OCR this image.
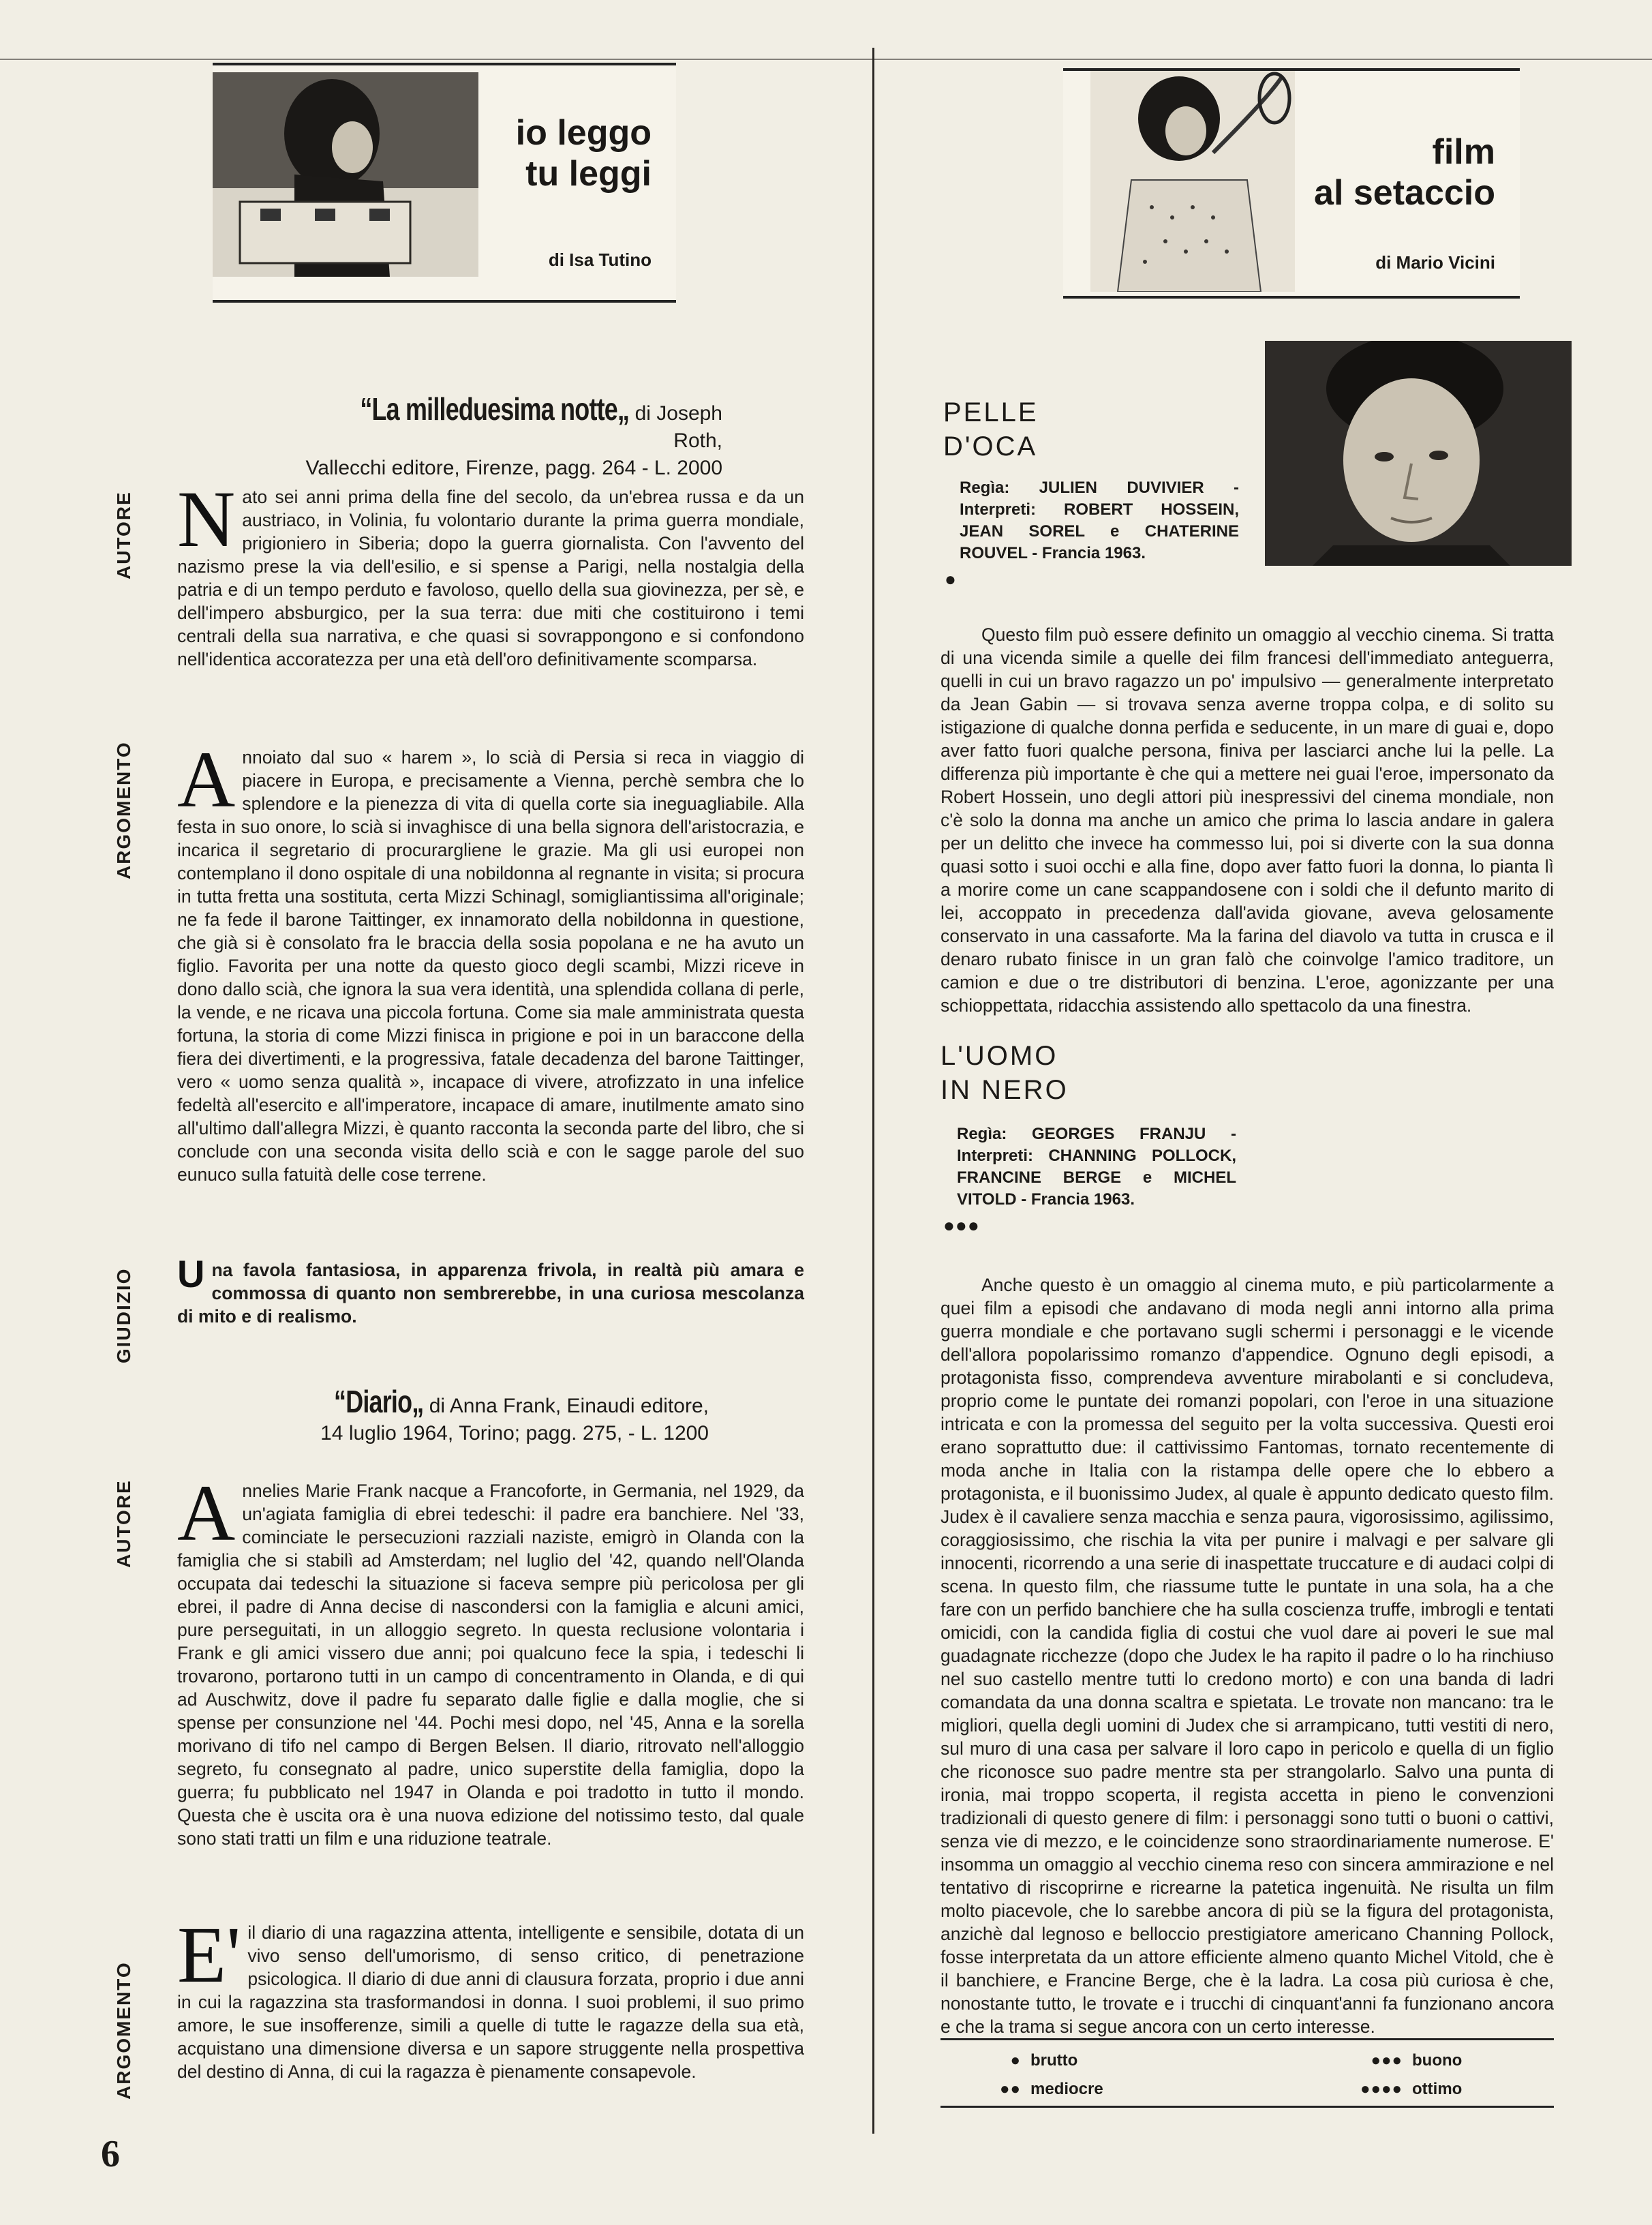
io leggo
tu leggi
di Isa Tutino
film
al setaccio
di Mario Vicini
“La milleduesima notte„ di Joseph Roth,
Vallecchi editore, Firenze, pagg. 264 - L. 2000
AUTORE
ARGOMENTO
GIUDIZIO
AUTORE
ARGOMENTO
Nato sei anni prima della fine del secolo, da un'ebrea russa e da un austriaco, in Volinia, fu volontario durante la prima guerra mondiale, prigioniero in Siberia; dopo la guerra giornalista. Con l'avvento del nazismo prese la via dell'esilio, e si spense a Parigi, nella nostalgia della patria e di un tempo perduto e favoloso, quello della sua giovinezza, per sè, e dell'impero absburgico, per la sua terra: due miti che costituirono i temi centrali della sua narrativa, e che quasi si sovrappongono e si confondono nell'identica accoratezza per una età dell'oro definitivamente scomparsa.
Annoiato dal suo « harem », lo scià di Persia si reca in viaggio di piacere in Europa, e precisamente a Vienna, perchè sembra che lo splendore e la pienezza di vita di quella corte sia ineguagliabile. Alla festa in suo onore, lo scià si invaghisce di una bella signora dell'aristocrazia, e incarica il segretario di procurargliene le grazie. Ma gli usi europei non contemplano il dono ospitale di una nobildonna al regnante in visita; si procura in tutta fretta una sostituta, certa Mizzi Schinagl, somigliantissima all'originale; ne fa fede il barone Taittinger, ex innamorato della nobildonna in questione, che già si è consolato fra le braccia della sosia popolana e ne ha avuto un figlio. Favorita per una notte da questo gioco degli scambi, Mizzi riceve in dono dallo scià, che ignora la sua vera identità, una splendida collana di perle, la vende, e ne ricava una piccola fortuna. Come sia male amministrata questa fortuna, la storia di come Mizzi finisca in prigione e poi in un baraccone della fiera dei divertimenti, e la progressiva, fatale decadenza del barone Taittinger, vero « uomo senza qualità », incapace di vivere, atrofizzato in una infelice fedeltà all'esercito e all'imperatore, incapace di amare, inutilmente amato sino all'ultimo dall'allegra Mizzi, è quanto racconta la seconda parte del libro, che si conclude con una seconda visita dello scià e con le sagge parole del suo eunuco sulla fatuità delle cose terrene.
Una favola fantasiosa, in apparenza frivola, in realtà più amara e commossa di quanto non sembrerebbe, in una curiosa mescolanza di mito e di realismo.
“Diario„ di Anna Frank, Einaudi editore,
14 luglio 1964, Torino; pagg. 275, - L. 1200
Annelies Marie Frank nacque a Francoforte, in Germania, nel 1929, da un'agiata famiglia di ebrei tedeschi: il padre era banchiere. Nel '33, cominciate le persecuzioni razziali naziste, emigrò in Olanda con la famiglia che si stabilì ad Amsterdam; nel luglio del '42, quando nell'Olanda occupata dai tedeschi la situazione si faceva sempre più pericolosa per gli ebrei, il padre di Anna decise di nascondersi con la famiglia e alcuni amici, pure perseguitati, in un alloggio segreto. In questa reclusione volontaria i Frank e gli amici vissero due anni; poi qualcuno fece la spia, i tedeschi li trovarono, portarono tutti in un campo di concentramento in Olanda, e di qui ad Auschwitz, dove il padre fu separato dalle figlie e dalla moglie, che si spense per consunzione nel '44. Pochi mesi dopo, nel '45, Anna e la sorella morivano di tifo nel campo di Bergen Belsen. Il diario, ritrovato nell'alloggio segreto, fu consegnato al padre, unico superstite della famiglia, dopo la guerra; fu pubblicato nel 1947 in Olanda e poi tradotto in tutto il mondo. Questa che è uscita ora è una nuova edizione del notissimo testo, dal quale sono stati tratti un film e una riduzione teatrale.
E' il diario di una ragazzina attenta, intelligente e sensibile, dotata di un vivo senso dell'umorismo, di senso critico, di penetrazione psicologica. Il diario di due anni di clausura forzata, proprio i due anni in cui la ragazzina sta trasformandosi in donna. I suoi problemi, il suo primo amore, le sue insofferenze, simili a quelle di tutte le ragazze della sua età, acquistano una dimensione diversa e un sapore struggente nella prospettiva del destino di Anna, di cui la ragazza è pienamente consapevole.
6
PELLE
D'OCA
Regìa: JULIEN DUVIVIER - Interpreti: ROBERT HOSSEIN, JEAN SOREL e CHATERINE ROUVEL - Francia 1963.
●
Questo film può essere definito un omaggio al vecchio cinema. Si tratta di una vicenda simile a quelle dei film francesi dell'immediato anteguerra, quelli in cui un bravo ragazzo un po' impulsivo — generalmente interpretato da Jean Gabin — si trovava senza averne troppa colpa, e di solito su istigazione di qualche donna perfida e seducente, in un mare di guai e, dopo aver fatto fuori qualche persona, finiva per lasciarci anche lui la pelle. La differenza più importante è che qui a mettere nei guai l'eroe, impersonato da Robert Hossein, uno degli attori più inespressivi del cinema mondiale, non c'è solo la donna ma anche un amico che prima lo lascia andare in galera per un delitto che invece ha commesso lui, poi si diverte con la sua donna quasi sotto i suoi occhi e alla fine, dopo aver fatto fuori la donna, lo pianta lì a morire come un cane scappandosene con i soldi che il defunto marito di lei, accoppato in precedenza dall'avida giovane, aveva gelosamente conservato in una cassaforte. Ma la farina del diavolo va tutta in crusca e il denaro rubato finisce in un gran falò che coinvolge l'amico traditore, un camion e due o tre distributori di benzina. L'eroe, agonizzante per una schioppettata, ridacchia assistendo allo spettacolo da una finestra.
L'UOMO
IN NERO
Regìa: GEORGES FRANJU - Interpreti: CHANNING POLLOCK, FRANCINE BERGE e MICHEL VITOLD - Francia 1963.
●●●
Anche questo è un omaggio al cinema muto, e più particolarmente a quei film a episodi che andavano di moda negli anni intorno alla prima guerra mondiale e che portavano sugli schermi i personaggi e le vicende dell'allora popolarissimo romanzo d'appendice. Ognuno degli episodi, a protagonista fisso, comprendeva avventure mirabolanti e si concludeva, proprio come le puntate dei romanzi popolari, con l'eroe in una situazione intricata e con la promessa del seguito per la volta successiva. Questi eroi erano soprattutto due: il cattivissimo Fantomas, tornato recentemente di moda anche in Italia con la ristampa delle opere che lo ebbero a protagonista, e il buonissimo Judex, al quale è appunto dedicato questo film. Judex è il cavaliere senza macchia e senza paura, vigorosissimo, agilissimo, coraggiosissimo, che rischia la vita per punire i malvagi e per salvare gli innocenti, ricorrendo a una serie di inaspettate truccature e di audaci colpi di scena. In questo film, che riassume tutte le puntate in una sola, ha a che fare con un perfido banchiere che ha sulla coscienza truffe, imbrogli e tentati omicidi, con la candida figlia di costui che vuol dare ai poveri le sue mal guadagnate ricchezze (dopo che Judex le ha rapito il padre o lo ha rinchiuso nel suo castello mentre tutti lo credono morto) e con una banda di ladri comandata da una donna scaltra e spietata. Le trovate non mancano: tra le migliori, quella degli uomini di Judex che si arrampicano, tutti vestiti di nero, sul muro di una casa per salvare il loro capo in pericolo e quella di un figlio che riconosce suo padre mentre sta per strangolarlo. Salvo una punta di ironia, mai troppo scoperta, il regista accetta in pieno le convenzioni tradizionali di questo genere di film: i personaggi sono tutti o buoni o cattivi, senza vie di mezzo, e le coincidenze sono straordinariamente numerose. E' insomma un omaggio al vecchio cinema reso con sincera ammirazione e nel tentativo di riscoprirne e ricrearne la patetica ingenuità. Ne risulta un film molto piacevole, che lo sarebbe ancora di più se la figura del protagonista, anzichè dal legnoso e belloccio prestigiatore americano Channing Pollock, fosse interpretata da un attore efficiente almeno quanto Michel Vitold, che è il banchiere, e Francine Berge, che è la ladra. La cosa più curiosa è che, nonostante tutto, le trovate e i trucchi di cinquant'anni fa funzionano ancora e che la trama si segue ancora con un certo interesse.
● brutto
●● mediocre
●●● buono
●●●● ottimo
